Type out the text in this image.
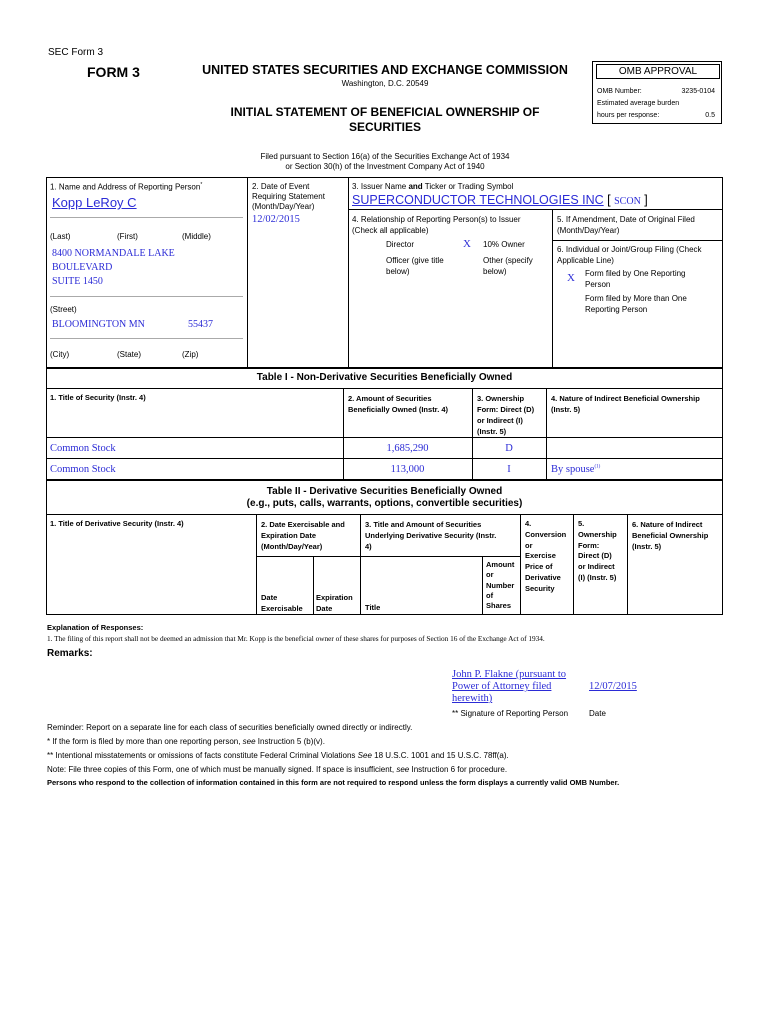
SEC Form 3
FORM 3	UNITED STATES SECURITIES AND EXCHANGE COMMISSION
Washington, D.C. 20549
INITIAL STATEMENT OF BENEFICIAL OWNERSHIP OF
SECURITIES
OMB APPROVAL
OMB Number:	3235-0104
Estimated average burden
hours per response:	0.5
Filed pursuant to Section 16(a) of the Securities Exchange Act of 1934
or Section 30(h) of the Investment Company Act of 1940
1. Name and Address of Reporting Person*
Kopp LeRoy C
(Last)	(First)	(Middle)
8400 NORMANDALE LAKE
BOULEVARD
SUITE 1450
(Street)
BLOOMINGTON MN	55437
(City)	(State)	(Zip)
2. Date of Event
Requiring Statement
(Month/Day/Year)
12/02/2015
3. Issuer Name and Ticker or Trading Symbol
SUPERCONDUCTOR TECHNOLOGIES INC [ SCON ]
4. Relationship of Reporting Person(s) to Issuer
(Check all applicable)
Director	X 10% Owner
Officer (give title
below)
Other (specify
below)
5. If Amendment, Date of Original Filed
(Month/Day/Year)
6. Individual or Joint/Group Filing (Check
Applicable Line)
X Form filed by One Reporting
Person
Form filed by More than One
Reporting Person
Table I - Non-Derivative Securities Beneficially Owned
1. Title of Security (Instr. 4)	2. Amount of Securities
Beneficially Owned (Instr. 4)
3. Ownership
Form: Direct (D)
or Indirect (I)
(Instr. 5)
4. Nature of Indirect Beneficial Ownership
(Instr. 5)
Common Stock	1,685,290	D
Common Stock	113,000	I	By spouse$^{(1)}$
Table II - Derivative Securities Beneficially Owned
(e.g., puts, calls, warrants, options, convertible securities)
1. Title of Derivative Security (Instr. 4)	2. Date Exercisable and
Expiration Date
(Month/Day/Year)
3. Title and Amount of Securities
Underlying Derivative Security (Instr.
4)
4.
Conversion
or
Exercise
Price of
Derivative
Security
5.
Ownership
Form:
Direct (D)
or Indirect
(I) (Instr. 5)
6. Nature of Indirect
Beneficial Ownership
(Instr. 5)
Date
Exercisable
Expiration
Date	Title
Amount
or
Number
of
Shares
Explanation of Responses:
1. The filing of this report shall not be deemed an admission that Mr. Kopp is the beneficial owner of these shares for purposes of Section 16 of the Exchange Act of 1934.
Remarks:
John P. Flakne (pursuant to
Power of Attorney filed
herewith)
12/07/2015
** Signature of Reporting Person	Date
Reminder: Report on a separate line for each class of securities beneficially owned directly or indirectly.
* If the form is filed by more than one reporting person, see Instruction 5 (b)(v).
** Intentional misstatements or omissions of facts constitute Federal Criminal Violations See 18 U.S.C. 1001 and 15 U.S.C. 78ff(a).
Note: File three copies of this Form, one of which must be manually signed. If space is insufficient, see Instruction 6 for procedure.
Persons who respond to the collection of information contained in this form are not required to respond unless the form displays a currently valid OMB Number.
